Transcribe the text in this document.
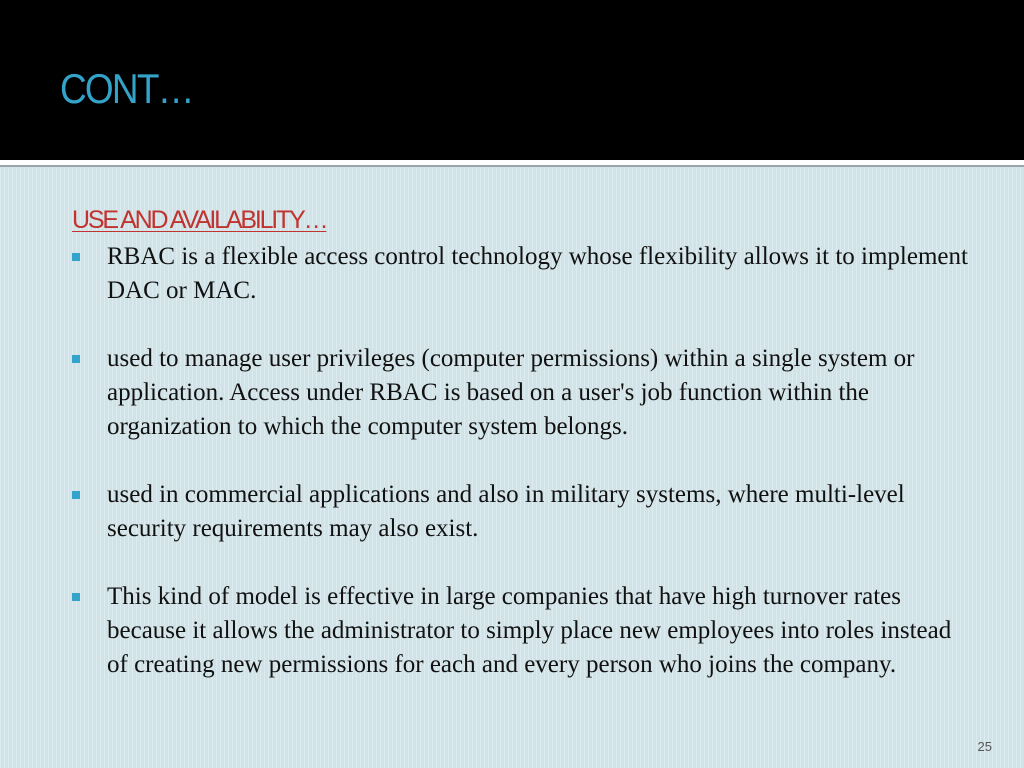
CONT…
USE AND AVAILABILITY…
RBAC is a flexible access control technology whose flexibility allows it to implement DAC or MAC.
used to manage user privileges (computer permissions) within a single system or application. Access under RBAC is based on a user's job function within the organization to which the computer system belongs.
used in commercial applications and also in military systems, where multi-level security requirements may also exist.
This kind of model is effective in large companies that have high turnover rates because it allows the administrator to simply place new employees into roles instead of creating new permissions for each and every person who joins the company.
25
